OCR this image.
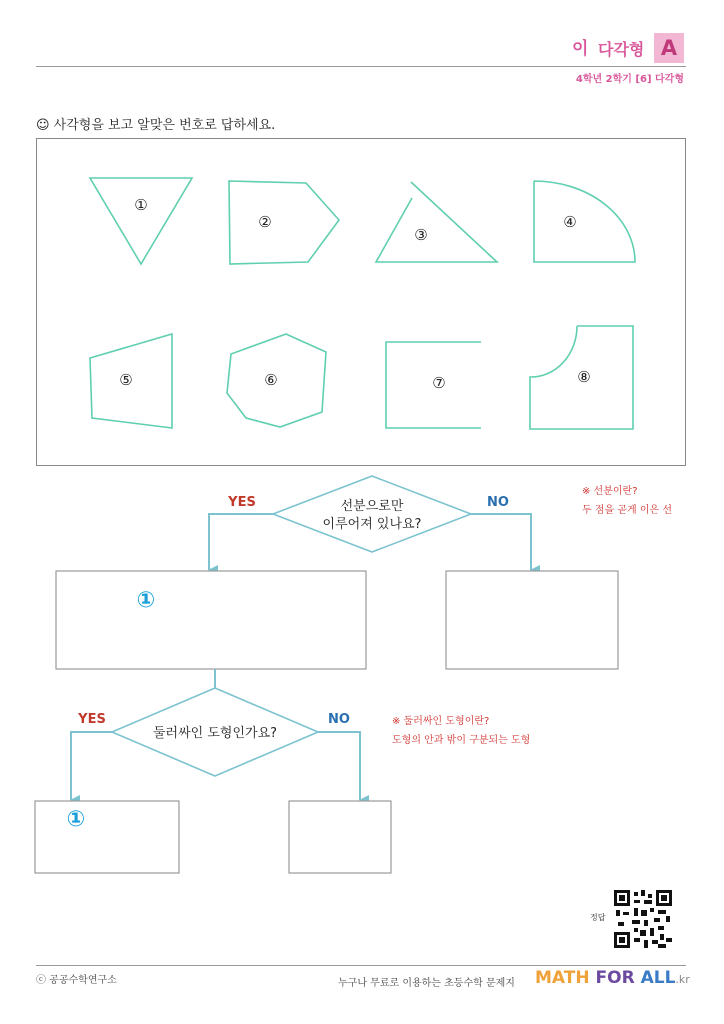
이 다각형 A
4학년 2학기 [6] 다각형
☺ 사각형을 보고 알맞은 번호로 답하세요.
①
②
③
④
⑤	⑥	⑦	⑧
선분으로만
이루어져 있나요?
YES	NO
①
둘러싸인 도형인가요?
YES	NO
①
※ 선분이란?
두 점을 곧게 이은 선
※ 둘러싸인 도형이란?
도형의 안과 밖이 구분되는 도형
정답
ⓒ 공공수학연구소	누구나 무료로 이용하는 초등수학 문제지 MATH FOR ALL.kr
